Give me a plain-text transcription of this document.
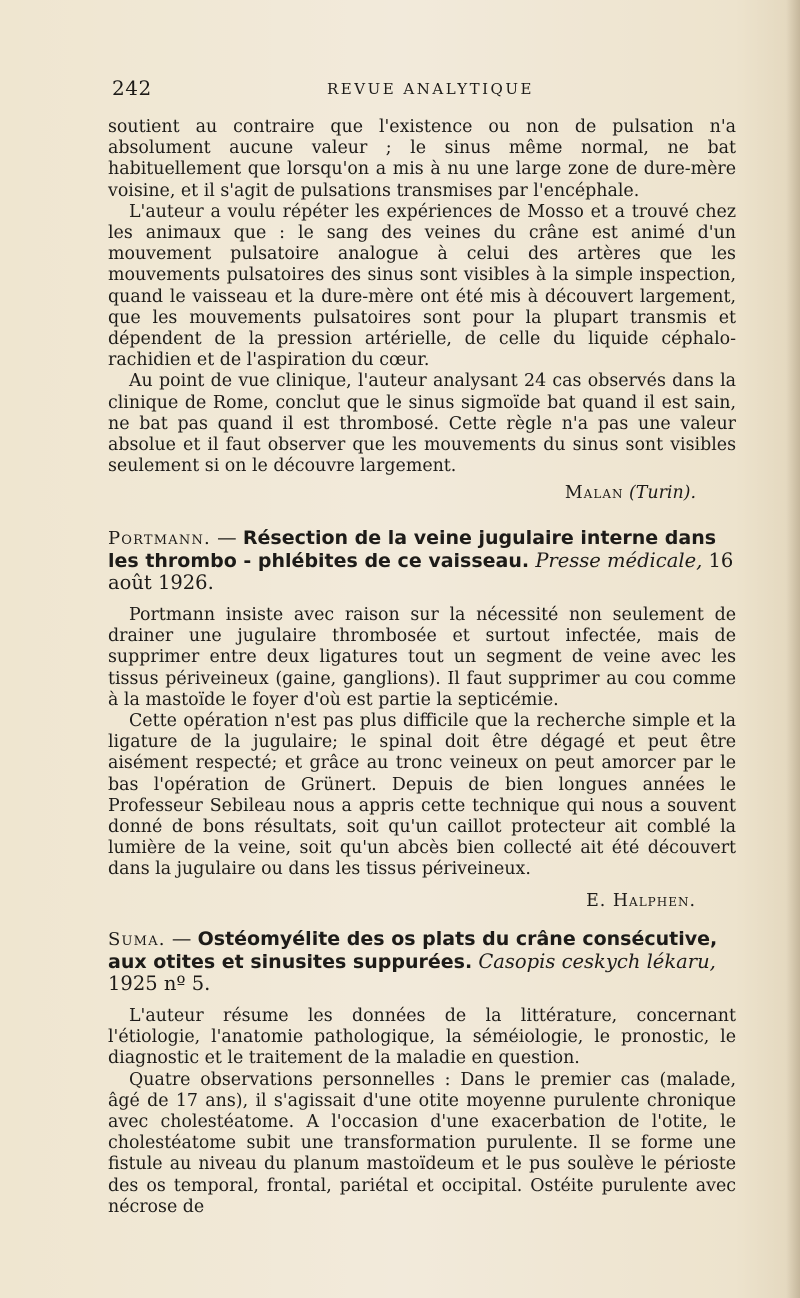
242	REVUE ANALYTIQUE

soutient au contraire que l'existence ou non de pulsation n'a absolument aucune valeur ; le sinus même normal, ne bat habituellement que lorsqu'on a mis à nu une large zone de dure-mère voisine, et il s'agit de pulsations transmises par l'encéphale.

L'auteur a voulu répéter les expériences de Mosso et a trouvé chez les animaux que : le sang des veines du crâne est animé d'un mouvement pulsatoire analogue à celui des artères que les mouvements pulsatoires des sinus sont visibles à la simple inspection, quand le vaisseau et la dure-mère ont été mis à découvert largement, que les mouvements pulsatoires sont pour la plupart transmis et dépendent de la pression artérielle, de celle du liquide céphalo-rachidien et de l'aspiration du cœur.

Au point de vue clinique, l'auteur analysant 24 cas observés dans la clinique de Rome, conclut que le sinus sigmoïde bat quand il est sain, ne bat pas quand il est thrombosé. Cette règle n'a pas une valeur absolue et il faut observer que les mouvements du sinus sont visibles seulement si on le découvre largement.

Malan (Turin).
Portmann. — Résection de la veine jugulaire interne dans les thrombo - phlébites de ce vaisseau. Presse médicale, 16 août 1926.

Portmann insiste avec raison sur la nécessité non seulement de drainer une jugulaire thrombosée et surtout infectée, mais de supprimer entre deux ligatures tout un segment de veine avec les tissus périveineux (gaine, ganglions). Il faut supprimer au cou comme à la mastoïde le foyer d'où est partie la septicémie.

Cette opération n'est pas plus difficile que la recherche simple et la ligature de la jugulaire; le spinal doit être dégagé et peut être aisément respecté; et grâce au tronc veineux on peut amorcer par le bas l'opération de Grünert. Depuis de bien longues années le Professeur Sebileau nous a appris cette technique qui nous a souvent donné de bons résultats, soit qu'un caillot protecteur ait comblé la lumière de la veine, soit qu'un abcès bien collecté ait été découvert dans la jugulaire ou dans les tissus périveineux.

E. Halphen.
Suma. — Ostéomyélite des os plats du crâne consécutive, aux otites et sinusites suppurées. Casopis ceskych lékaru, 1925 nº 5.

L'auteur résume les données de la littérature, concernant l'étiologie, l'anatomie pathologique, la séméiologie, le pronostic, le diagnostic et le traitement de la maladie en question.

Quatre observations personnelles : Dans le premier cas (malade, âgé de 17 ans), il s'agissait d'une otite moyenne purulente chronique avec cholestéatome. A l'occasion d'une exacerbation de l'otite, le cholestéatome subit une transformation purulente. Il se forme une fistule au niveau du planum mastoïdeum et le pus soulève le périoste des os temporal, frontal, pariétal et occipital. Ostéite purulente avec nécrose de
